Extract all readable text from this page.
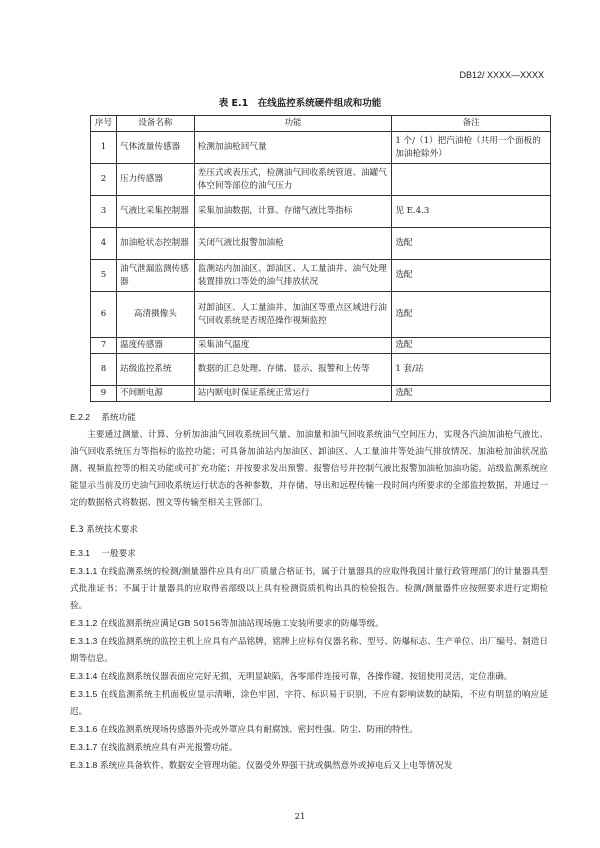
DB12/ XXXX—XXXX
表 E.1　在线监控系统硬件组成和功能
序号	设备名称	功能	备注
1	气体流量传感器	检测加油枪回气量	1 个/（1）把汽油枪（共用一个面板的加油枪除外）
2	压力传感器	差压式或表压式，检测油气回收系统管道、油罐气体空间等部位的油气压力	
3	气液比采集控制器	采集加油数据，计算、存储气液比等指标	见 E.4.3
4	加油枪状态控制器	关闭气液比报警加油枪	选配
5	油气泄漏监测传感器	监测站内加油区、卸油区、人工量油井、油气处理装置排放口等处的油气排放状况	选配
6	高清摄像头	对卸油区、人工量油井、加油区等重点区域进行油气回收系统是否规范操作视频监控	选配
7	温度传感器	采集油气温度	选配
8	站级监控系统	数据的汇总处理、存储、显示、报警和上传等	1 套/站
9	不间断电源	站内断电时保证系统正常运行	选配

E.2.2　 系统功能

主要通过测量、计算、分析加油油气回收系统回气量、加油量和油气回收系统油气空间压力，实现各汽油加油枪气液比、油气回收系统压力等指标的监控功能；可具备加油站内加油区、卸油区、人工量油井等处油气排放情况、加油枪加油状况监测、视频监控等的相关功能或可扩充功能；并按要求发出预警、报警信号并控制气液比报警加油枪加油功能。站级监测系统应能显示当前及历史油气回收系统运行状态的各种参数，并存储、导出和远程传输一段时间内所要求的全部监控数据，并通过一定的数据格式将数据、图文等传输至相关主管部门。

E.3 系统技术要求

E.3.1　 一般要求

E.3.1.1 在线监测系统的检测/测量器件应具有出厂质量合格证书，属于计量器具的应取得我国计量行政管理部门的计量器具型式批准证书；不属于计量器具的应取得省部级以上具有检测资质机构出具的检验报告。检测/测量器件应按照要求进行定期检验。

E.3.1.2 在线监测系统应满足GB 50156等加油站现场施工安装所要求的防爆等级。

E.3.1.3 在线监测系统的监控主机上应具有产品铭牌，铭牌上应标有仪器名称、型号、防爆标志、生产单位、出厂编号、制造日期等信息。

E.3.1.4 在线监测系统仪器表面应完好无损，无明显缺陷，各零部件连接可靠，各操作键、按钮使用灵活，定位准确。

E.3.1.5 在线监测系统主机面板应显示清晰，涂色牢固，字符、标识易于识别，不应有影响读数的缺陷，不应有明显的响应延迟。

E.3.1.6 在线监测系统现场传感器外壳或外罩应具有耐腐蚀、密封性强、防尘、防雨的特性。

E.3.1.7 在线监测系统应具有声光报警功能。

E.3.1.8 系统应具备软件、数据安全管理功能。仪器受外界强干扰或偶然意外或掉电后又上电等情况发

21
